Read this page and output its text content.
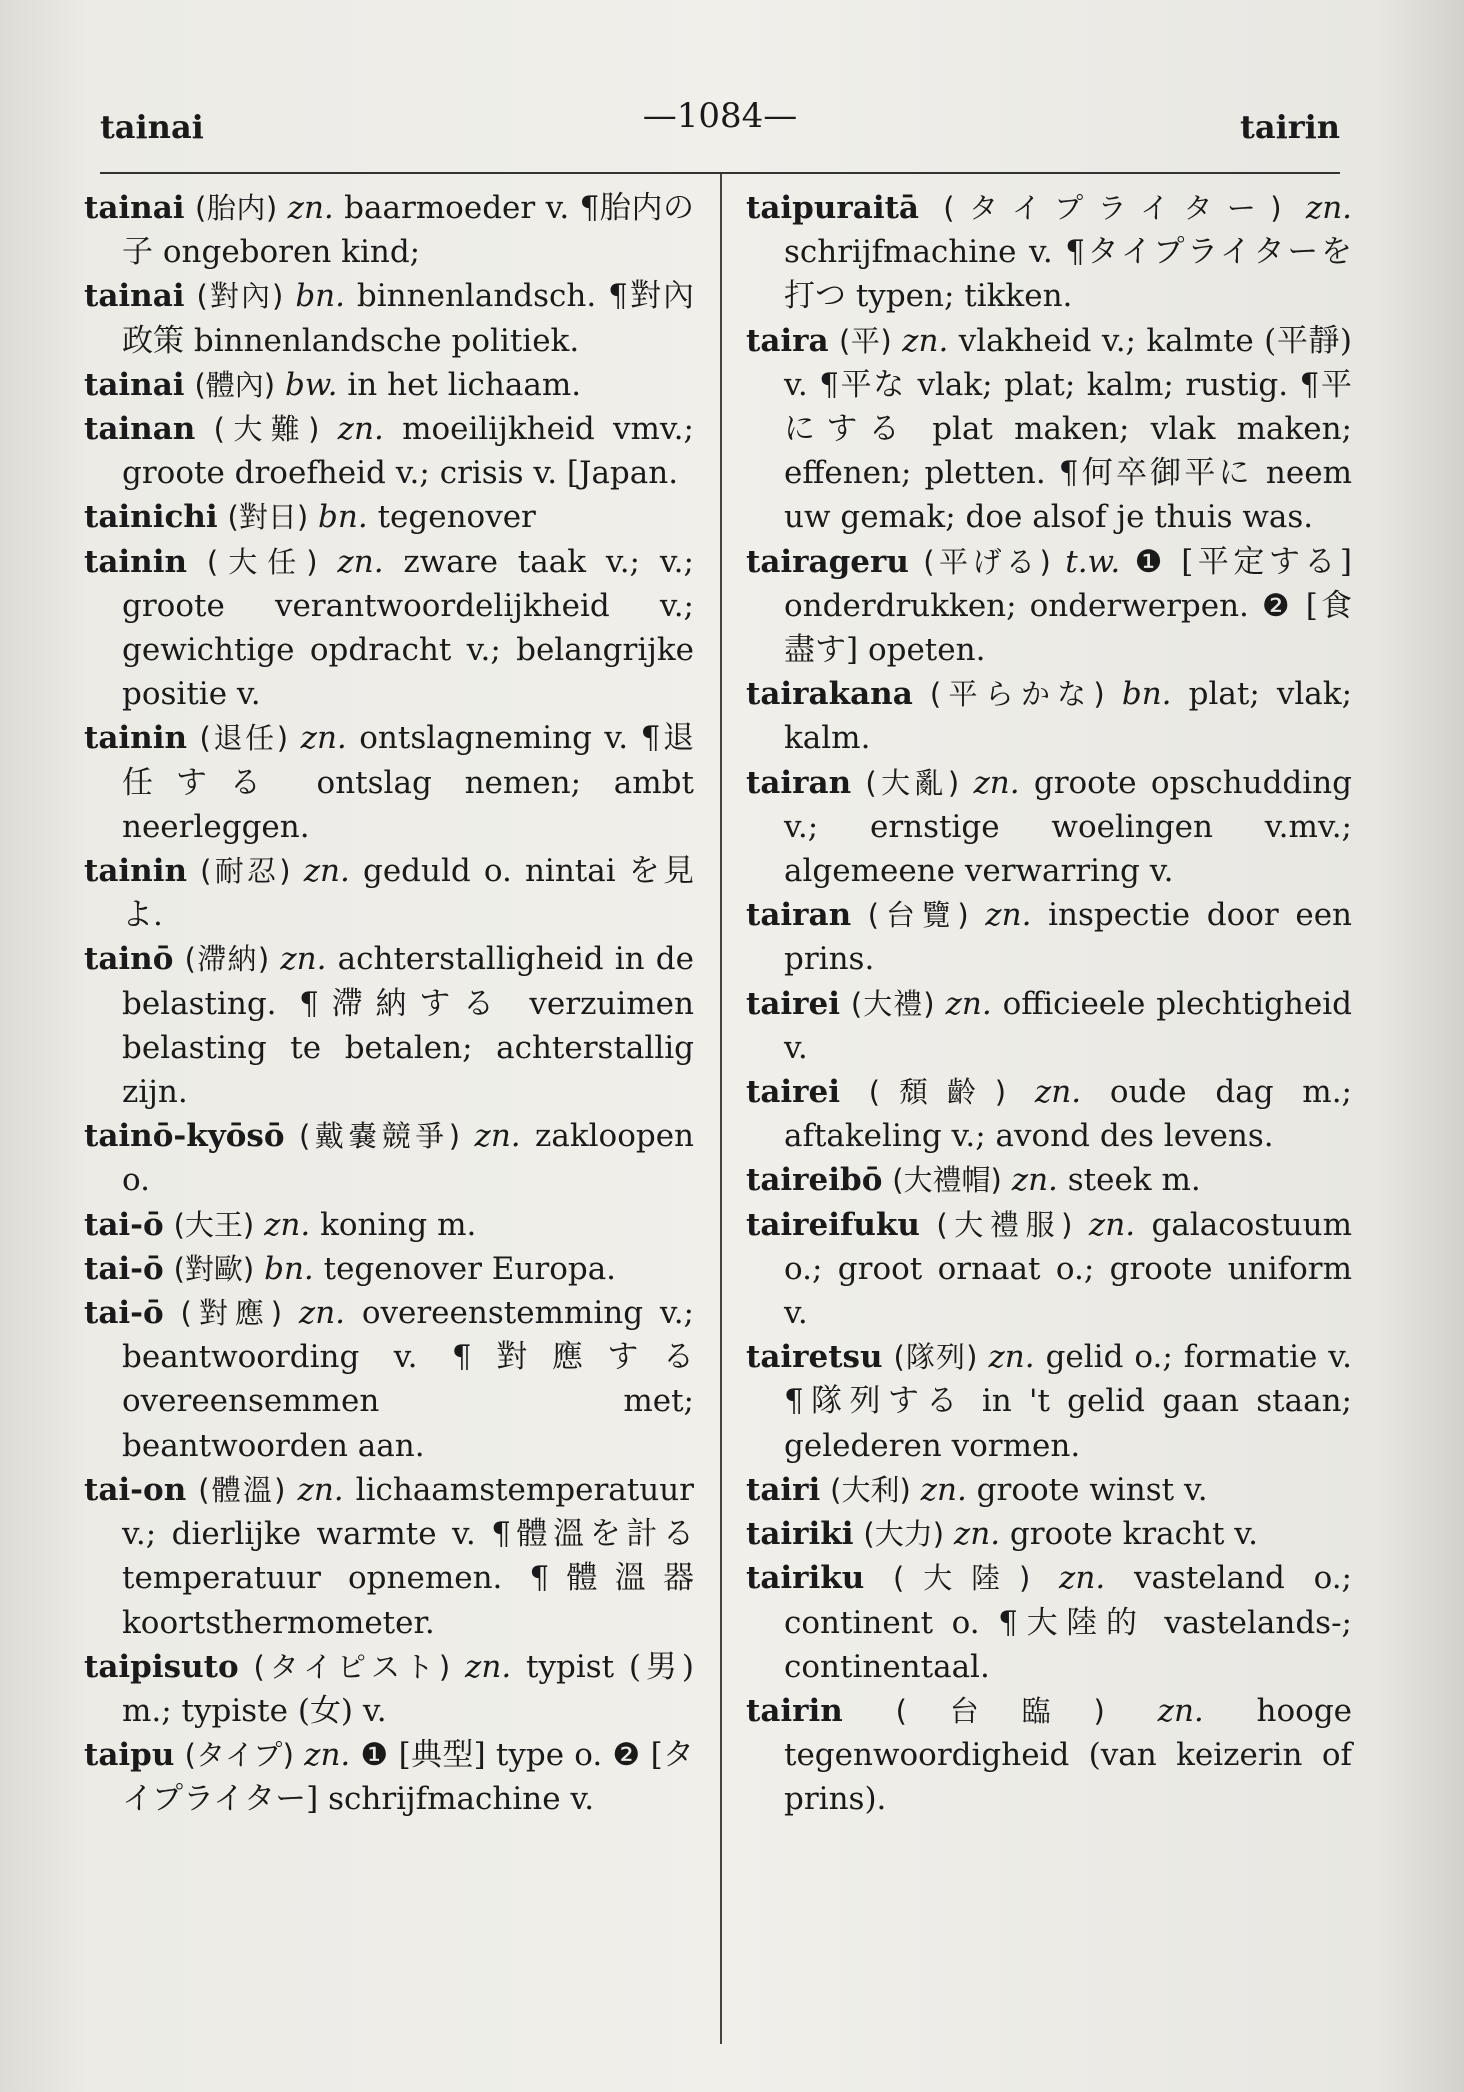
tainai	—1084—	tairin

tainai (胎内) zn. baarmoeder v. ¶胎内の子 ongeboren kind;

tainai (對內) bn. binnenlandsch. ¶對內政策 binnenlandsche politiek.

tainai (體內) bw. in het lichaam.

tainan (大難) zn. moeilijkheid vmv.; groote droefheid v.; crisis v. [Japan.

tainichi (對日) bn. tegenover

tainin (大任) zn. zware taak v.; v.; groote verantwoordelijkheid v.; gewichtige opdracht v.; belangrijke positie v.

tainin (退任) zn. ontslagneming v. ¶退任する ontslag nemen; ambt neerleggen.

tainin (耐忍) zn. geduld o. nintai を見よ.

tainō (滯納) zn. achterstalligheid in de belasting. ¶滯納する verzuimen belasting te betalen; achterstallig zijn.

tainō-kyōsō (戴嚢競爭) zn. zakloopen o.

tai-ō (大王) zn. koning m.

tai-ō (對歐) bn. tegenover Europa.

tai-ō (對應) zn. overeenstemming v.; beantwoording v. ¶對應する overeensemmen met; beantwoorden aan.

tai-on (體溫) zn. lichaamstemperatuur v.; dierlijke warmte v. ¶體溫を計る temperatuur opnemen. ¶體溫器 koortsthermometer.

taipisuto (タイピスト) zn. typist (男) m.; typiste (女) v.

taipu (タイプ) zn. ❶ [典型] type o. ❷ [タイプライター] schrijfmachine v.

taipuraitā (タイプライター) zn. schrijfmachine v. ¶タイプライターを打つ typen; tikken.

taira (平) zn. vlakheid v.; kalmte (平靜) v. ¶平な vlak; plat; kalm; rustig. ¶平にする plat maken; vlak maken; effenen; pletten. ¶何卒御平に neem uw gemak; doe alsof je thuis was.

tairageru (平げる) t.w. ❶ [平定する] onderdrukken; onderwerpen. ❷ [食盡す] opeten.

tairakana (平らかな) bn. plat; vlak; kalm.

tairan (大亂) zn. groote opschudding v.; ernstige woelingen v.mv.; algemeene verwarring v.

tairan (台覽) zn. inspectie door een prins.

tairei (大禮) zn. officieele plechtigheid v.

tairei (頹齡) zn. oude dag m.; aftakeling v.; avond des levens.

taireibō (大禮帽) zn. steek m.

taireifuku (大禮服) zn. galacostuum o.; groot ornaat o.; groote uniform v.

tairetsu (隊列) zn. gelid o.; formatie v. ¶隊列する in 't gelid gaan staan; gelederen vormen.

tairi (大利) zn. groote winst v.

tairiki (大力) zn. groote kracht v.

tairiku (大陸) zn. vasteland o.; continent o. ¶大陸的 vastelands-; continentaal.

tairin (台臨) zn. hooge tegenwoordigheid (van keizerin of prins).
